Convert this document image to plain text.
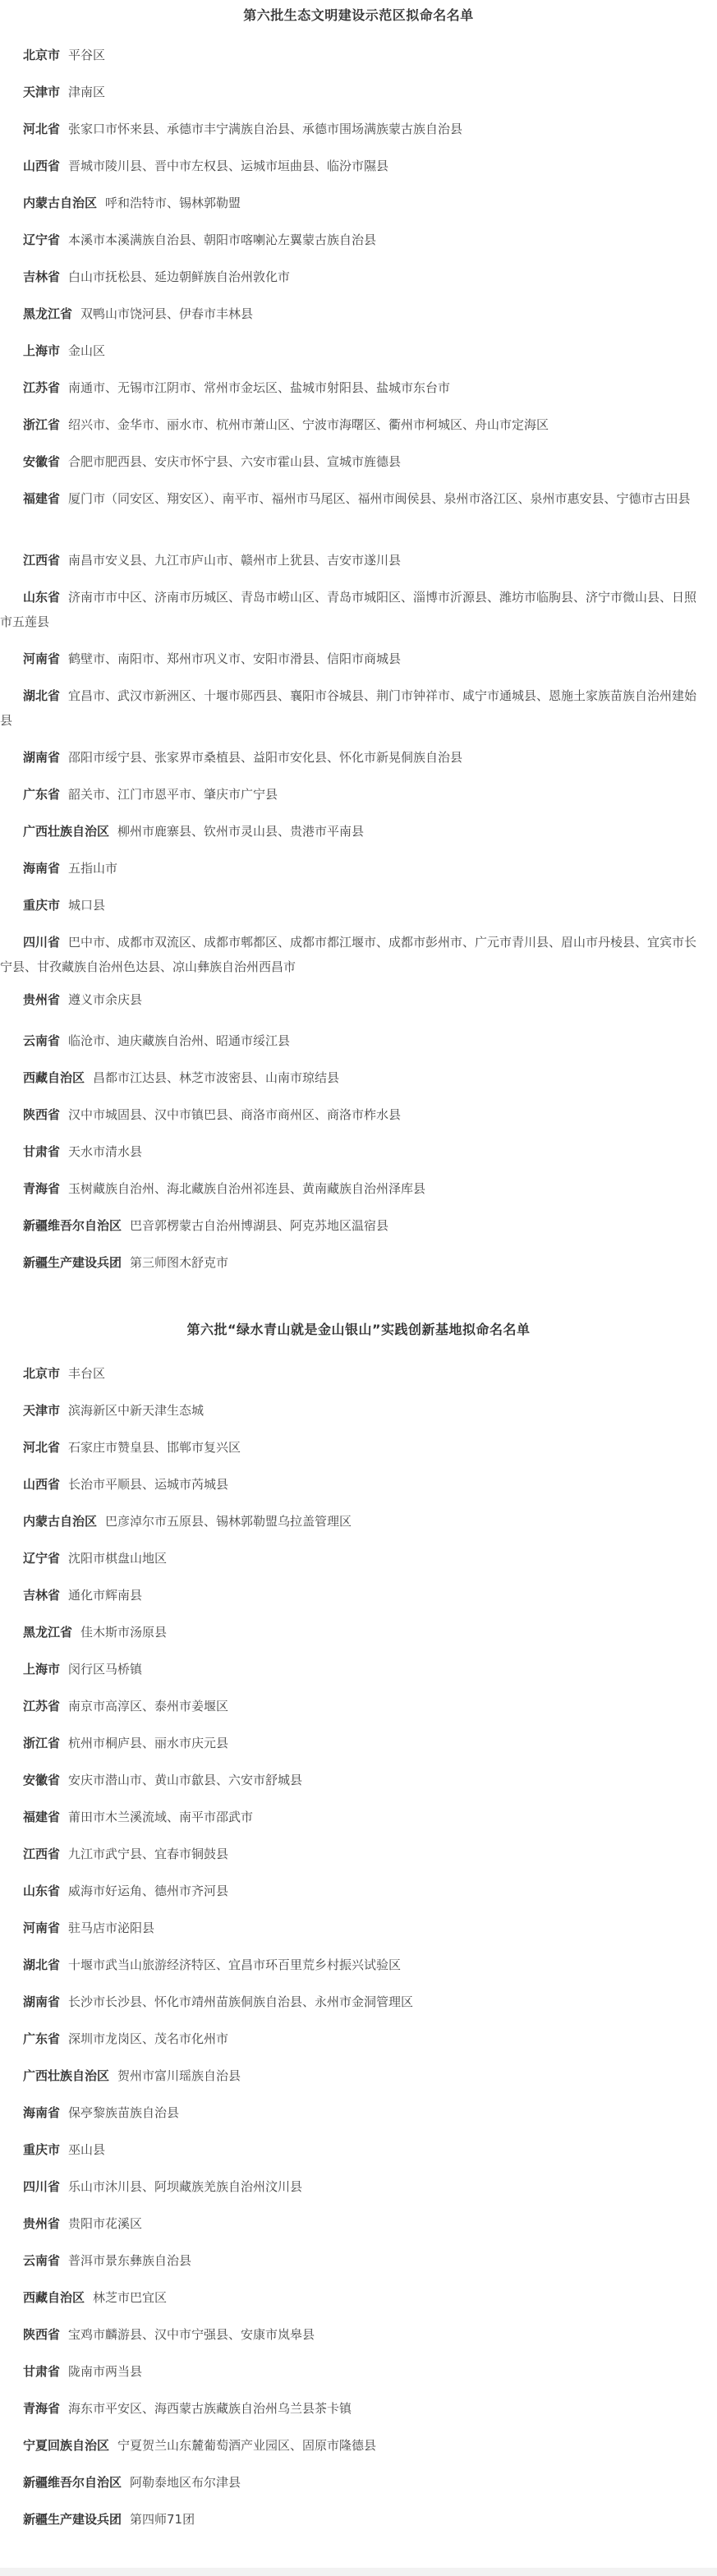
第六批生态文明建设示范区拟命名名单
北京市 平谷区
天津市 津南区
河北省 张家口市怀来县、承德市丰宁满族自治县、承德市围场满族蒙古族自治县
山西省 晋城市陵川县、晋中市左权县、运城市垣曲县、临汾市隰县
内蒙古自治区 呼和浩特市、锡林郭勒盟
辽宁省 本溪市本溪满族自治县、朝阳市喀喇沁左翼蒙古族自治县
吉林省 白山市抚松县、延边朝鲜族自治州敦化市
黑龙江省 双鸭山市饶河县、伊春市丰林县
上海市 金山区
江苏省 南通市、无锡市江阴市、常州市金坛区、盐城市射阳县、盐城市东台市
浙江省 绍兴市、金华市、丽水市、杭州市萧山区、宁波市海曙区、衢州市柯城区、舟山市定海区
安徽省 合肥市肥西县、安庆市怀宁县、六安市霍山县、宣城市旌德县
福建省 厦门市（同安区、翔安区）、南平市、福州市马尾区、福州市闽侯县、泉州市洛江区、泉州市惠安县、宁德市古田县
江西省 南昌市安义县、九江市庐山市、赣州市上犹县、吉安市遂川县
山东省 济南市市中区、济南市历城区、青岛市崂山区、青岛市城阳区、淄博市沂源县、潍坊市临朐县、济宁市微山县、日照市五莲县
河南省 鹤壁市、南阳市、郑州市巩义市、安阳市滑县、信阳市商城县
湖北省 宜昌市、武汉市新洲区、十堰市郧西县、襄阳市谷城县、荆门市钟祥市、咸宁市通城县、恩施土家族苗族自治州建始县
湖南省 邵阳市绥宁县、张家界市桑植县、益阳市安化县、怀化市新晃侗族自治县
广东省 韶关市、江门市恩平市、肇庆市广宁县
广西壮族自治区 柳州市鹿寨县、钦州市灵山县、贵港市平南县
海南省 五指山市
重庆市 城口县
四川省 巴中市、成都市双流区、成都市郫都区、成都市都江堰市、成都市彭州市、广元市青川县、眉山市丹棱县、宜宾市长宁县、甘孜藏族自治州色达县、凉山彝族自治州西昌市
贵州省 遵义市余庆县
云南省 临沧市、迪庆藏族自治州、昭通市绥江县
西藏自治区 昌都市江达县、林芝市波密县、山南市琼结县
陕西省 汉中市城固县、汉中市镇巴县、商洛市商州区、商洛市柞水县
甘肃省 天水市清水县
青海省 玉树藏族自治州、海北藏族自治州祁连县、黄南藏族自治州泽库县
新疆维吾尔自治区 巴音郭楞蒙古自治州博湖县、阿克苏地区温宿县
新疆生产建设兵团 第三师图木舒克市
第六批“绿水青山就是金山银山”实践创新基地拟命名名单
北京市 丰台区
天津市 滨海新区中新天津生态城
河北省 石家庄市赞皇县、邯郸市复兴区
山西省 长治市平顺县、运城市芮城县
内蒙古自治区 巴彦淖尔市五原县、锡林郭勒盟乌拉盖管理区
辽宁省 沈阳市棋盘山地区
吉林省 通化市辉南县
黑龙江省 佳木斯市汤原县
上海市 闵行区马桥镇
江苏省 南京市高淳区、泰州市姜堰区
浙江省 杭州市桐庐县、丽水市庆元县
安徽省 安庆市潜山市、黄山市歙县、六安市舒城县
福建省 莆田市木兰溪流域、南平市邵武市
江西省 九江市武宁县、宜春市铜鼓县
山东省 威海市好运角、德州市齐河县
河南省 驻马店市泌阳县
湖北省 十堰市武当山旅游经济特区、宜昌市环百里荒乡村振兴试验区
湖南省 长沙市长沙县、怀化市靖州苗族侗族自治县、永州市金洞管理区
广东省 深圳市龙岗区、茂名市化州市
广西壮族自治区 贺州市富川瑶族自治县
海南省 保亭黎族苗族自治县
重庆市 巫山县
四川省 乐山市沐川县、阿坝藏族羌族自治州汶川县
贵州省 贵阳市花溪区
云南省 普洱市景东彝族自治县
西藏自治区 林芝市巴宜区
陕西省 宝鸡市麟游县、汉中市宁强县、安康市岚皋县
甘肃省 陇南市两当县
青海省 海东市平安区、海西蒙古族藏族自治州乌兰县茶卡镇
宁夏回族自治区 宁夏贺兰山东麓葡萄酒产业园区、固原市隆德县
新疆维吾尔自治区 阿勒泰地区布尔津县
新疆生产建设兵团 第四师71团
